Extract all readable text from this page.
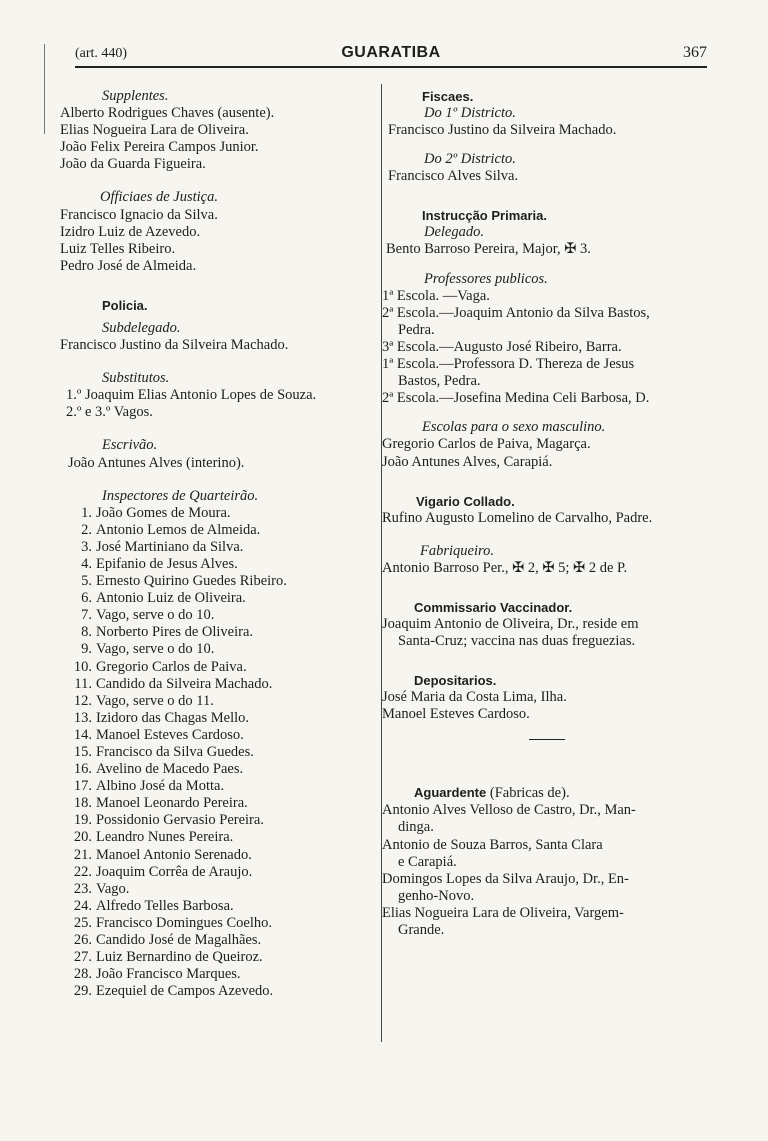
(art. 440)	GUARATIBA	367
Supplentes.
Alberto Rodrigues Chaves (ausente).
Elias Nogueira Lara de Oliveira.
João Felix Pereira Campos Junior.
João da Guarda Figueira.
Officiaes de Justiça.
Francisco Ignacio da Silva.
Izidro Luiz de Azevedo.
Luiz Telles Ribeiro.
Pedro José de Almeida.
Policia.
Subdelegado.
Francisco Justino da Silveira Machado.
Substitutos.
1.º Joaquim Elias Antonio Lopes de Souza.
2.º e 3.º Vagos.
Escrivão.
João Antunes Alves (interino).
Inspectores de Quarteirão.
1. João Gomes de Moura.
2. Antonio Lemos de Almeida.
3. José Martiniano da Silva.
4. Epifanio de Jesus Alves.
5. Ernesto Quirino Guedes Ribeiro.
6. Antonio Luiz de Oliveira.
7. Vago, serve o do 10.
8. Norberto Pires de Oliveira.
9. Vago, serve o do 10.
10. Gregorio Carlos de Paiva.
11. Candido da Silveira Machado.
12. Vago, serve o do 11.
13. Izidoro das Chagas Mello.
14. Manoel Esteves Cardoso.
15. Francisco da Silva Guedes.
16. Avelino de Macedo Paes.
17. Albino José da Motta.
18. Manoel Leonardo Pereira.
19. Possidonio Gervasio Pereira.
20. Leandro Nunes Pereira.
21. Manoel Antonio Serenado.
22. Joaquim Corrêa de Araujo.
23. Vago.
24. Alfredo Telles Barbosa.
25. Francisco Domingues Coelho.
26. Candido José de Magalhães.
27. Luiz Bernardino de Queiroz.
28. João Francisco Marques.
29. Ezequiel de Campos Azevedo.
Fiscaes.
Do 1º Districto.
Francisco Justino da Silveira Machado.
Do 2º Districto.
Francisco Alves Silva.
Instrucção Primaria.
Delegado.
Bento Barroso Pereira, Major, ✠ 3.
Professores publicos.
1ª Escola. —Vaga.
2ª Escola.—Joaquim Antonio da Silva Bastos,
Pedra.
3ª Escola.—Augusto José Ribeiro, Barra.
1ª Escola.—Professora D. Thereza de Jesus
Bastos, Pedra.
2ª Escola.—Josefina Medina Celi Barbosa, D.
Escolas para o sexo masculino.
Gregorio Carlos de Paiva, Magarça.
João Antunes Alves, Carapiá.
Vigario Collado.
Rufino Augusto Lomelino de Carvalho, Padre.
Fabriqueiro.
Antonio Barroso Per., ✠ 2, ✠ 5; ✠ 2 de P.
Commissario Vaccinador.
Joaquim Antonio de Oliveira, Dr., reside em
Santa-Cruz; vaccina nas duas freguezias.
Depositarios.
José Maria da Costa Lima, Ilha.
Manoel Esteves Cardoso.
Aguardente (Fabricas de).
Antonio Alves Velloso de Castro, Dr., Man-
dinga.
Antonio de Souza Barros, Santa Clara
e Carapiá.
Domingos Lopes da Silva Araujo, Dr., En-
genho-Novo.
Elias Nogueira Lara de Oliveira, Vargem-
Grande.
